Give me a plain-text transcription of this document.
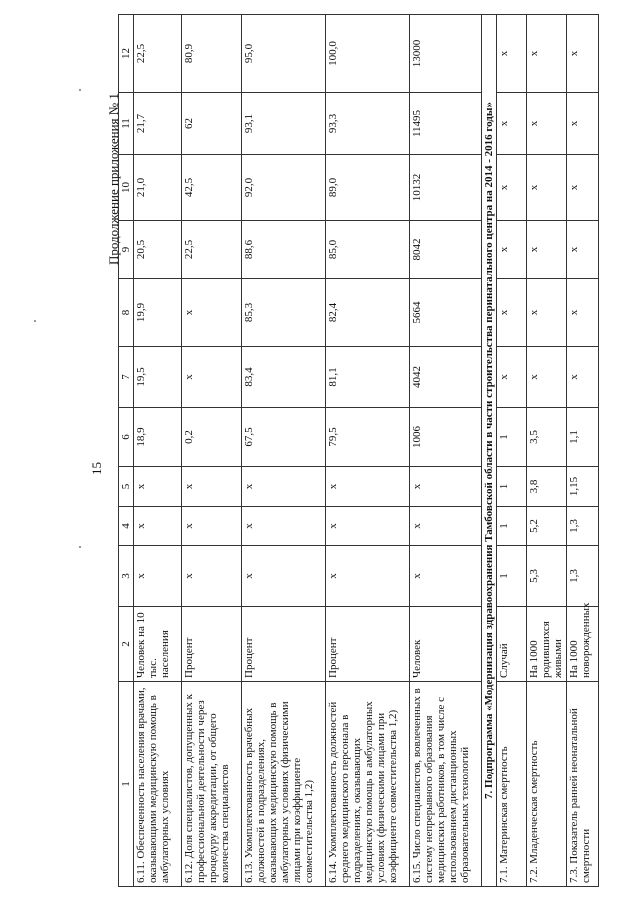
15
Продолжение приложения № 1
1	2	3	4	5	6	7	8	9	10	11	12
6.11. Обеспеченность населения врачами, оказывающими медицинскую помощь в амбулаторных условиях	Человек на 10 тыс. населения	х	х	х	18,9	19,5	19,9	20,5	21,0	21,7	22,5
6.12. Доля специалистов, допущенных к профессиональной деятельности через процедуру аккредитации, от общего количества специалистов	Процент	х	х	х	0,2	х	х	22,5	42,5	62	80,9
6.13. Укомплектованность врачебных должностей в подразделениях, оказывающих медицинскую помощь в амбулаторных условиях (физическими лицами при коэффициенте совместительства 1,2)	Процент	х	х	х	67,5	83,4	85,3	88,6	92,0	93,1	95,0
6.14. Укомплектованность должностей среднего медицинского персонала в подразделениях, оказывающих медицинскую помощь в амбулаторных условиях (физическими лицами при коэффициенте совместительства 1,2)	Процент	х	х	х	79,5	81,1	82,4	85,0	89,0	93,3	100,0
6.15. Число специалистов, вовлеченных в систему непрерывного образования медицинских работников, в том числе с использованием дистанционных образовательных технологий	Человек	х	х	х	1006	4042	5664	8042	10132	11495	13000
7. Подпрограмма «Модернизация здравоохранения Тамбовской области в части строительства перинатального центра на 2014 - 2016 годы»											
7.1. Материнская смертность	Случай	1	1	1	1	х	х	х	х	х	х
7.2. Младенческая смертность	На 1000 родившихся живыми	5,3	5,2	3,8	3,5	х	х	х	х	х	х
7.3. Показатель ранней неонатальной смертности	На 1000 новорожденных	1,3	1,3	1,15	1,1	х	х	х	х	х	х
